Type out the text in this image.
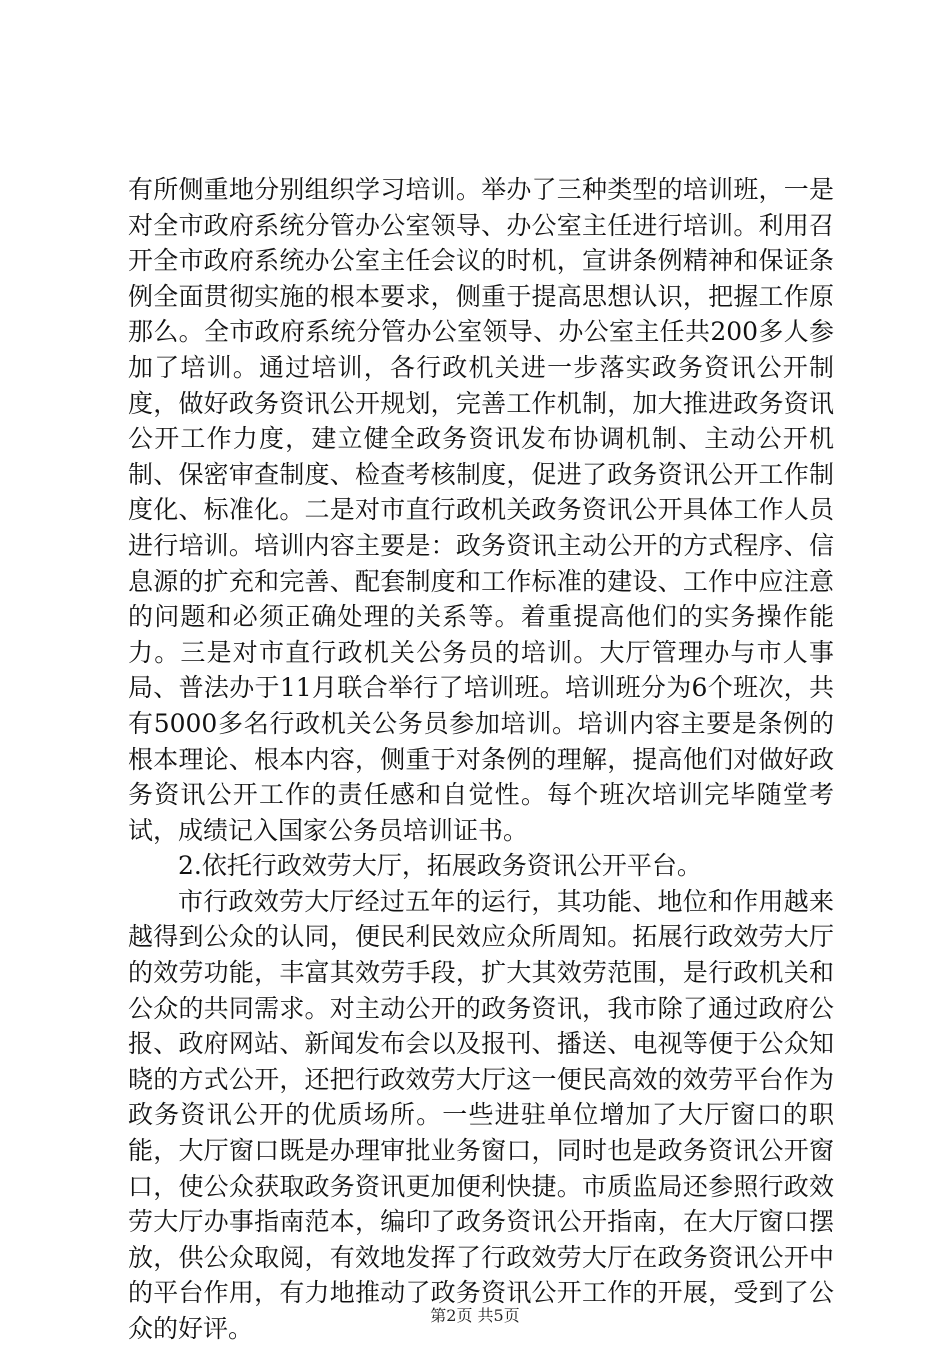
有所侧重地分别组织学习培训。举办了三种类型的培训班，一是对全市政府系统分管办公室领导、办公室主任进行培训。利用召开全市政府系统办公室主任会议的时机，宣讲条例精神和保证条例全面贯彻实施的根本要求，侧重于提高思想认识，把握工作原那么。全市政府系统分管办公室领导、办公室主任共200多人参加了培训。通过培训，各行政机关进一步落实政务资讯公开制度，做好政务资讯公开规划，完善工作机制，加大推进政务资讯公开工作力度，建立健全政务资讯发布协调机制、主动公开机制、保密审查制度、检查考核制度，促进了政务资讯公开工作制度化、标准化。二是对市直行政机关政务资讯公开具体工作人员进行培训。培训内容主要是：政务资讯主动公开的方式程序、信息源的扩充和完善、配套制度和工作标准的建设、工作中应注意的问题和必须正确处理的关系等。着重提高他们的实务操作能力。三是对市直行政机关公务员的培训。大厅管理办与市人事局、普法办于11月联合举行了培训班。培训班分为6个班次，共有5000多名行政机关公务员参加培训。培训内容主要是条例的根本理论、根本内容，侧重于对条例的理解，提高他们对做好政务资讯公开工作的责任感和自觉性。每个班次培训完毕随堂考试，成绩记入国家公务员培训证书。

2.依托行政效劳大厅，拓展政务资讯公开平台。

市行政效劳大厅经过五年的运行，其功能、地位和作用越来越得到公众的认同，便民利民效应众所周知。拓展行政效劳大厅的效劳功能，丰富其效劳手段，扩大其效劳范围，是行政机关和公众的共同需求。对主动公开的政务资讯，我市除了通过政府公报、政府网站、新闻发布会以及报刊、播送、电视等便于公众知晓的方式公开，还把行政效劳大厅这一便民高效的效劳平台作为政务资讯公开的优质场所。一些进驻单位增加了大厅窗口的职能，大厅窗口既是办理审批业务窗口，同时也是政务资讯公开窗口，使公众获取政务资讯更加便利快捷。市质监局还参照行政效劳大厅办事指南范本，编印了政务资讯公开指南，在大厅窗口摆放，供公众取阅，有效地发挥了行政效劳大厅在政务资讯公开中的平台作用，有力地推动了政务资讯公开工作的开展，受到了公众的好评。	第2页 共5页
